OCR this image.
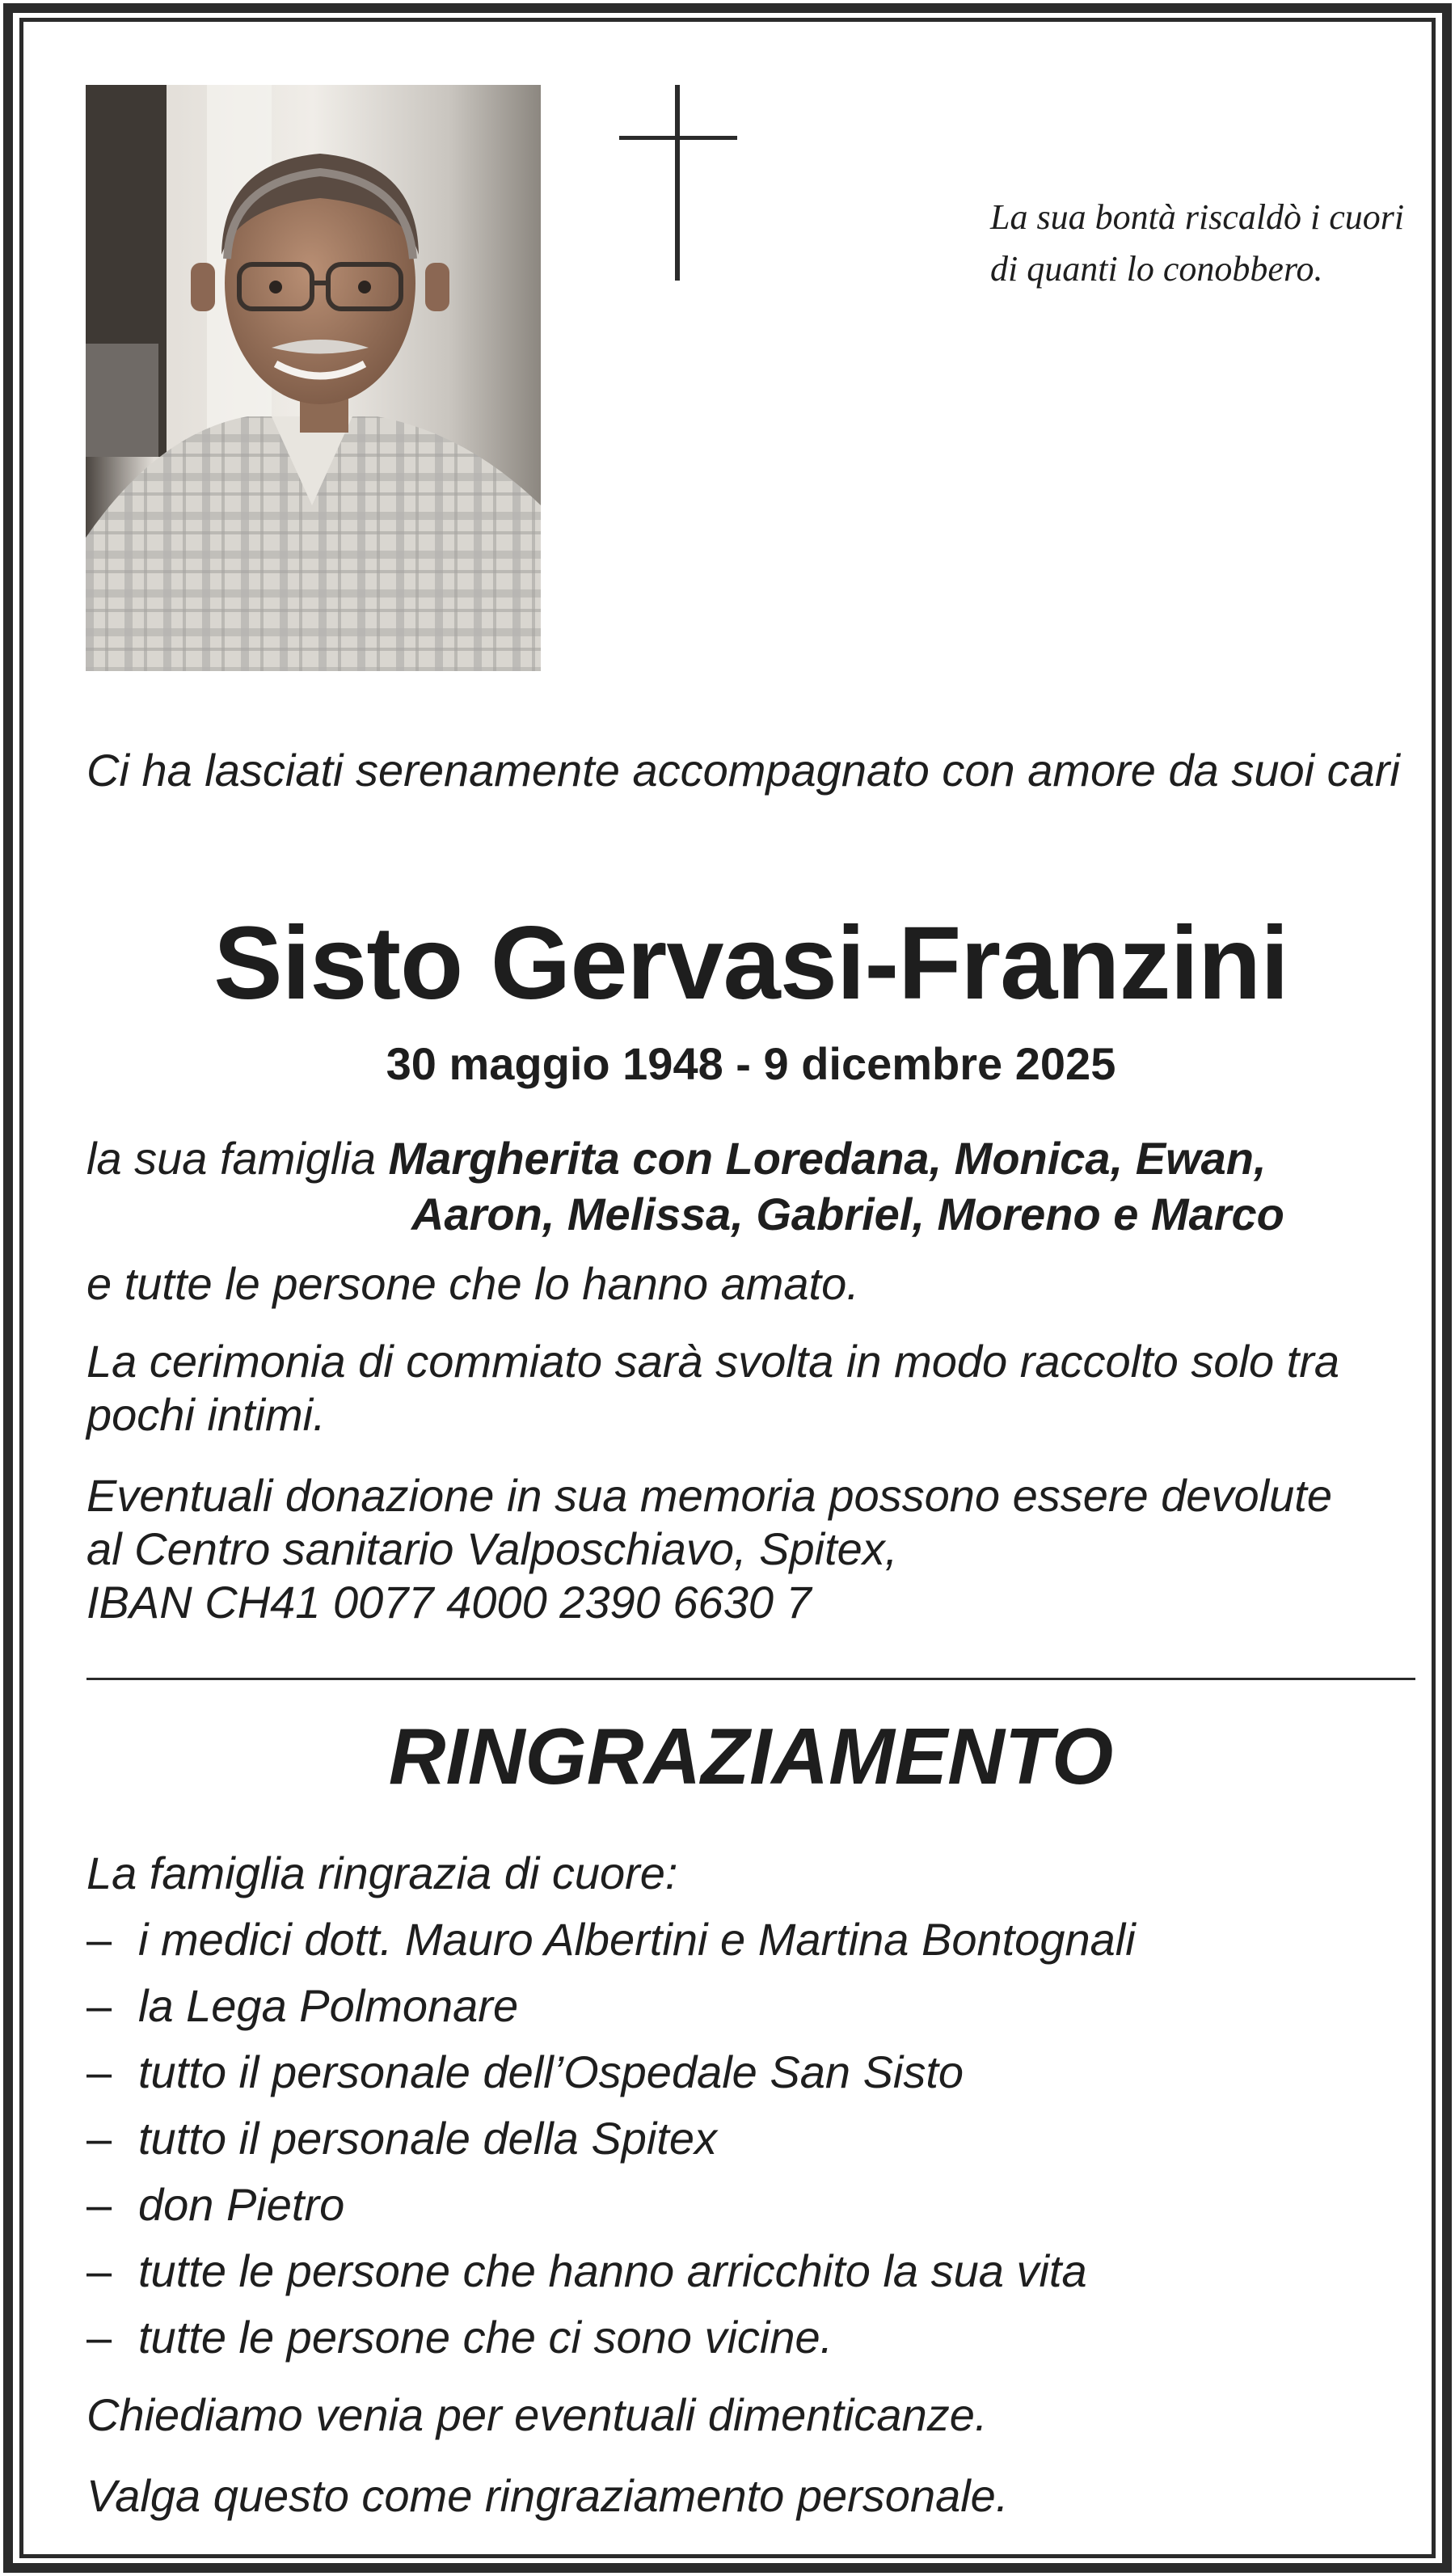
La sua bontà riscaldò i cuori
di quanti lo conobbero.

Ci ha lasciati serenamente accompagnato con amore da suoi cari

Sisto Gervasi-Franzini
30 maggio 1948 - 9 dicembre 2025
la sua famiglia Margherita con Loredana, Monica, Ewan,
Aaron, Melissa, Gabriel, Moreno e Marco

e tutte le persone che lo hanno amato.

La cerimonia di commiato sarà svolta in modo raccolto solo tra pochi intimi.

Eventuali donazione in sua memoria possono essere devolute
al Centro sanitario Valposchiavo, Spitex,
IBAN CH41 0077 4000 2390 6630 7
RINGRAZIAMENTO

La famiglia ringrazia di cuore:

– i medici dott. Mauro Albertini e Martina Bontognali
– la Lega Polmonare
– tutto il personale dell’Ospedale San Sisto
– tutto il personale della Spitex
– don Pietro
– tutte le persone che hanno arricchito la sua vita
– tutte le persone che ci sono vicine.

Chiediamo venia per eventuali dimenticanze.

Valga questo come ringraziamento personale.
